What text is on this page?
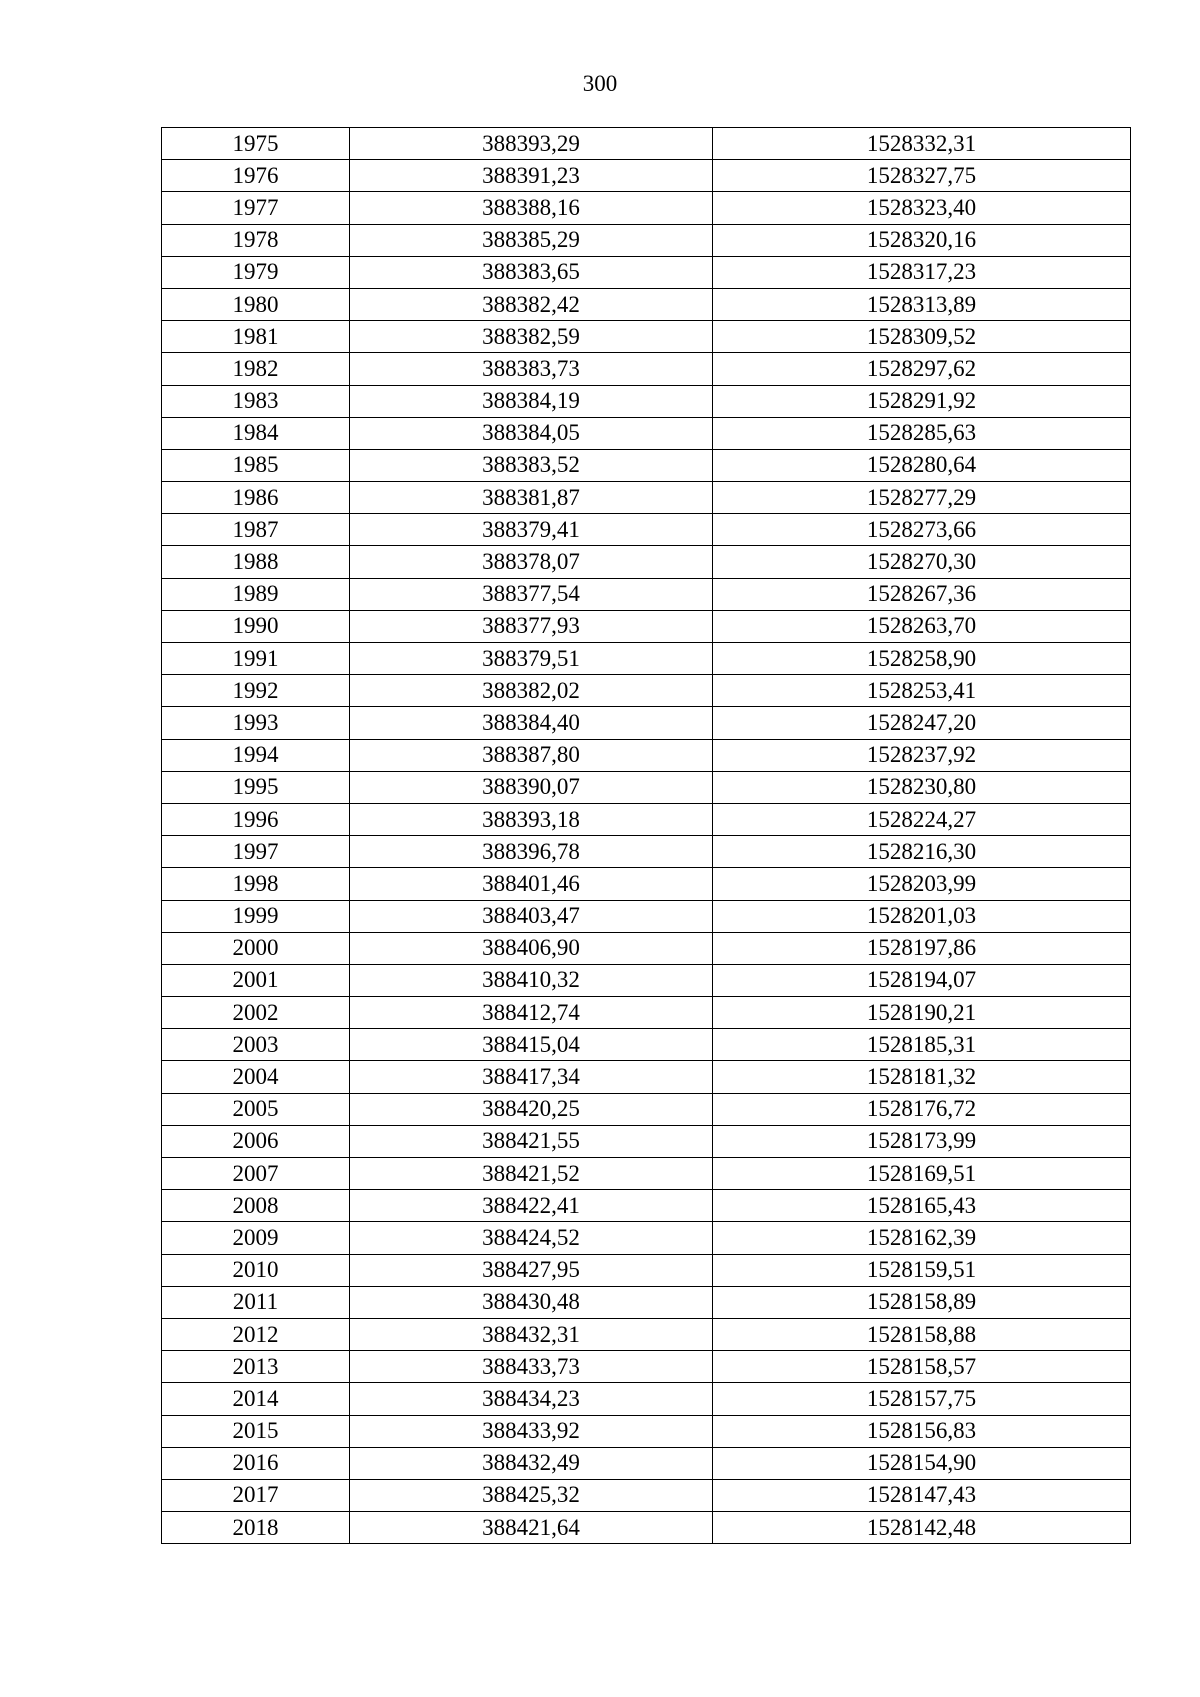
300
1975	388393,29	1528332,31
1976	388391,23	1528327,75
1977	388388,16	1528323,40
1978	388385,29	1528320,16
1979	388383,65	1528317,23
1980	388382,42	1528313,89
1981	388382,59	1528309,52
1982	388383,73	1528297,62
1983	388384,19	1528291,92
1984	388384,05	1528285,63
1985	388383,52	1528280,64
1986	388381,87	1528277,29
1987	388379,41	1528273,66
1988	388378,07	1528270,30
1989	388377,54	1528267,36
1990	388377,93	1528263,70
1991	388379,51	1528258,90
1992	388382,02	1528253,41
1993	388384,40	1528247,20
1994	388387,80	1528237,92
1995	388390,07	1528230,80
1996	388393,18	1528224,27
1997	388396,78	1528216,30
1998	388401,46	1528203,99
1999	388403,47	1528201,03
2000	388406,90	1528197,86
2001	388410,32	1528194,07
2002	388412,74	1528190,21
2003	388415,04	1528185,31
2004	388417,34	1528181,32
2005	388420,25	1528176,72
2006	388421,55	1528173,99
2007	388421,52	1528169,51
2008	388422,41	1528165,43
2009	388424,52	1528162,39
2010	388427,95	1528159,51
2011	388430,48	1528158,89
2012	388432,31	1528158,88
2013	388433,73	1528158,57
2014	388434,23	1528157,75
2015	388433,92	1528156,83
2016	388432,49	1528154,90
2017	388425,32	1528147,43
2018	388421,64	1528142,48
